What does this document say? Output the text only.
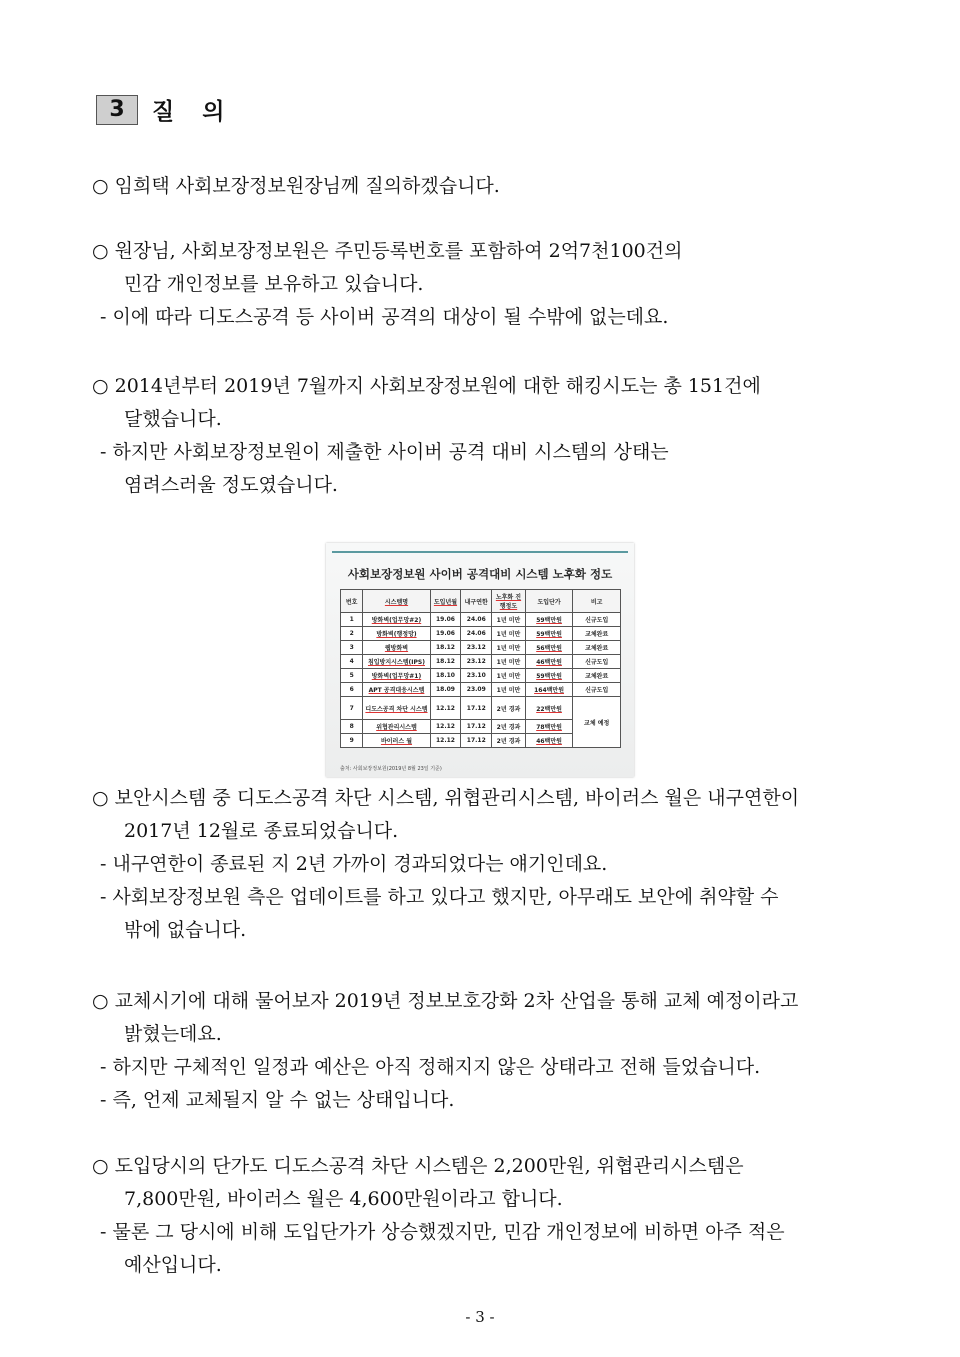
3	질 의
○ 임희택 사회보장정보원장님께 질의하겠습니다.
○ 원장님, 사회보장정보원은 주민등록번호를 포함하여 2억7천100건의
민감 개인정보를 보유하고 있습니다.
- 이에 따라 디도스공격 등 사이버 공격의 대상이 될 수밖에 없는데요.
○ 2014년부터 2019년 7월까지 사회보장정보원에 대한 해킹시도는 총 151건에
달했습니다.
- 하지만 사회보장정보원이 제출한 사이버 공격 대비 시스템의 상태는
염려스러울 정도였습니다.
○ 보안시스템 중 디도스공격 차단 시스템, 위협관리시스템, 바이러스 월은 내구연한이
2017년 12월로 종료되었습니다.
- 내구연한이 종료된 지 2년 가까이 경과되었다는 얘기인데요.
- 사회보장정보원 측은 업데이트를 하고 있다고 했지만, 아무래도 보안에 취약할 수
밖에 없습니다.
○ 교체시기에 대해 물어보자 2019년 정보보호강화 2차 산업을 통해 교체 예정이라고
밝혔는데요.
- 하지만 구체적인 일정과 예산은 아직 정해지지 않은 상태라고 전해 들었습니다.
- 즉, 언제 교체될지 알 수 없는 상태입니다.
○ 도입당시의 단가도 디도스공격 차단 시스템은 2,200만원, 위협관리시스템은
7,800만원, 바이러스 월은 4,600만원이라고 합니다.
- 물론 그 당시에 비해 도입단가가 상승했겠지만, 민감 개인정보에 비하면 아주 적은
예산입니다.
사회보장정보원 사이버 공격대비 시스템 노후화 정도
번호	시스템명	도입년월	내구연한	노후화 진행정도	도입단가	비고
1	방화벽(업무망#2)	19.06	24.06	1년 미만	59백만원	신규도입
2	방화벽(행정망)	19.06	24.06	1년 미만	59백만원	교체완료
3	웹방화벽	18.12	23.12	1년 미만	56백만원	교체완료
4	침입방지시스템(IPS)	18.12	23.12	1년 미만	46백만원	신규도입
5	방화벽(업무망#1)	18.10	23.10	1년 미만	59백만원	교체완료
6	APT 공격대응시스템	18.09	23.09	1년 미만	164백만원	신규도입
7	디도스공격 차단 시스템	12.12	17.12	2년 경과	22백만원	교체 예정
8	위협관리시스템	12.12	17.12	2년 경과	78백만원	
9	바이러스 월	12.12	17.12	2년 경과	46백만원	
출처: 사회보장정보원(2019년 8월 23일 기준)
- 3 -
